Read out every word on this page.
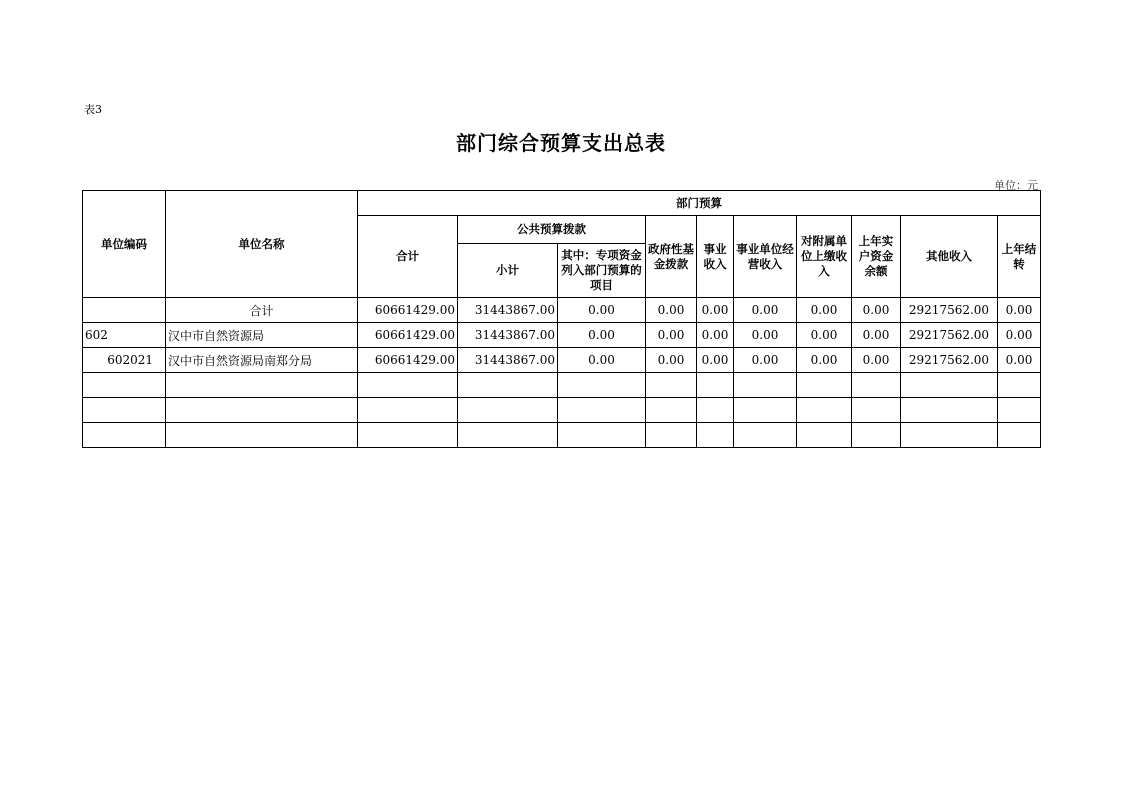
表3
部门综合预算支出总表
单位：元
单位编码	单位名称	部门预算									
		合计	公共预算拨款		政府性基金拨款	事业收入	事业单位经营收入	对附属单位上缴收入	上年实户资金余额	其他收入	上年结转
			小计	其中：专项资金列入部门预算的项目							
	合计	60661429.00	31443867.00	0.00	0.00	0.00	0.00	0.00	0.00	29217562.00	0.00
602	汉中市自然资源局	60661429.00	31443867.00	0.00	0.00	0.00	0.00	0.00	0.00	29217562.00	0.00
602021	汉中市自然资源局南郑分局	60661429.00	31443867.00	0.00	0.00	0.00	0.00	0.00	0.00	29217562.00	0.00
